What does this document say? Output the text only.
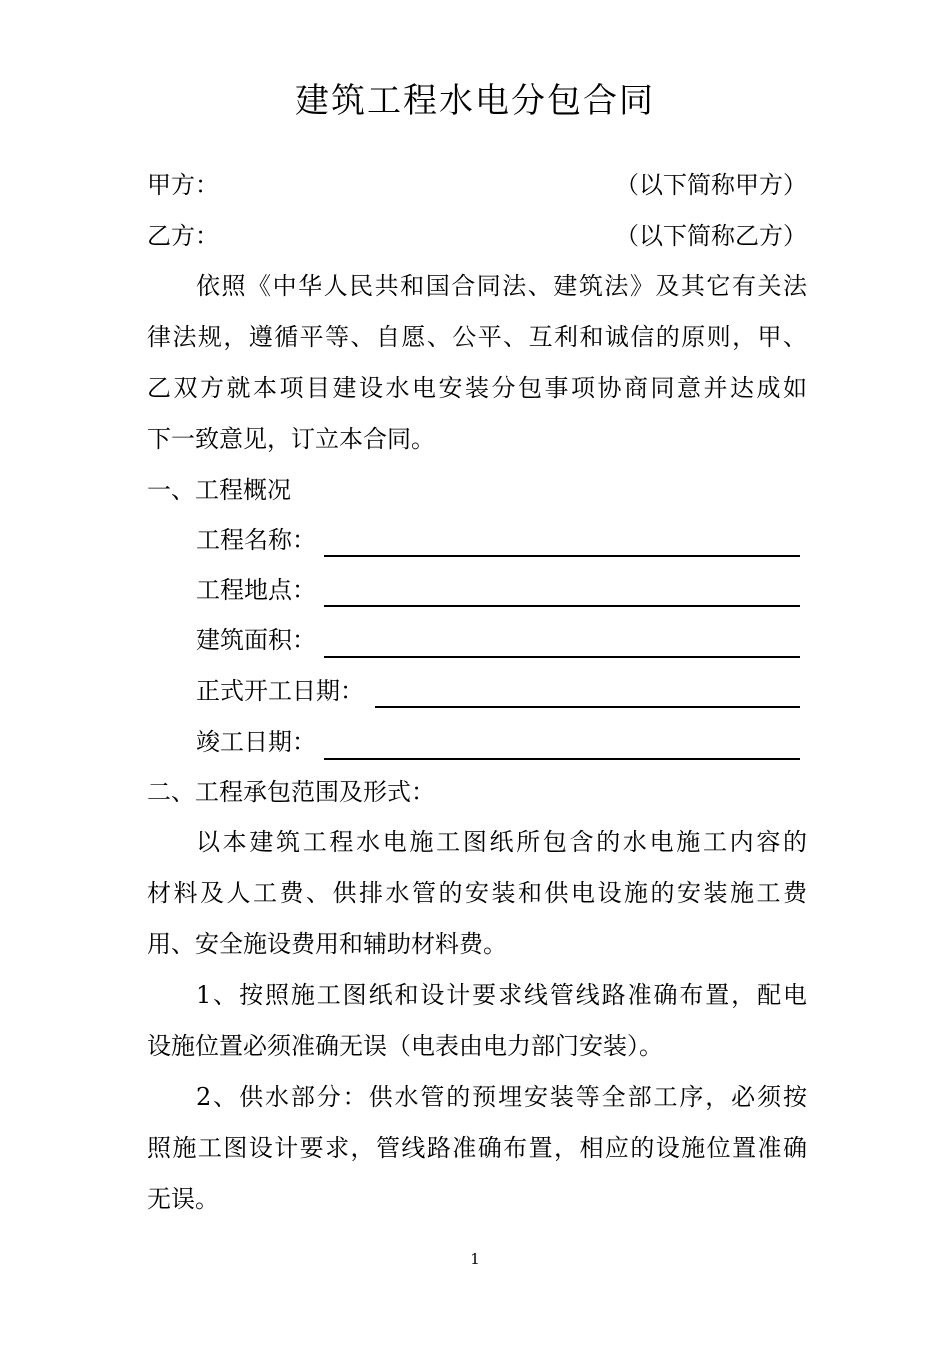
建筑工程水电分包合同
甲方：	（以下简称甲方）
乙方：	（以下简称乙方）
依照《中华人民共和国合同法、建筑法》及其它有关法
律法规，遵循平等、自愿、公平、互利和诚信的原则，甲、
乙双方就本项目建设水电安装分包事项协商同意并达成如
下一致意见，订立本合同。
一、工程概况
工程名称：
工程地点：
建筑面积：
正式开工日期：
竣工日期：
二、工程承包范围及形式：
以本建筑工程水电施工图纸所包含的水电施工内容的
材料及人工费、供排水管的安装和供电设施的安装施工费
用、安全施设费用和辅助材料费。
1、按照施工图纸和设计要求线管线路准确布置，配电
设施位置必须准确无误（电表由电力部门安装）。
2、供水部分：供水管的预埋安装等全部工序，必须按
照施工图设计要求，管线路准确布置，相应的设施位置准确
无误。
1
